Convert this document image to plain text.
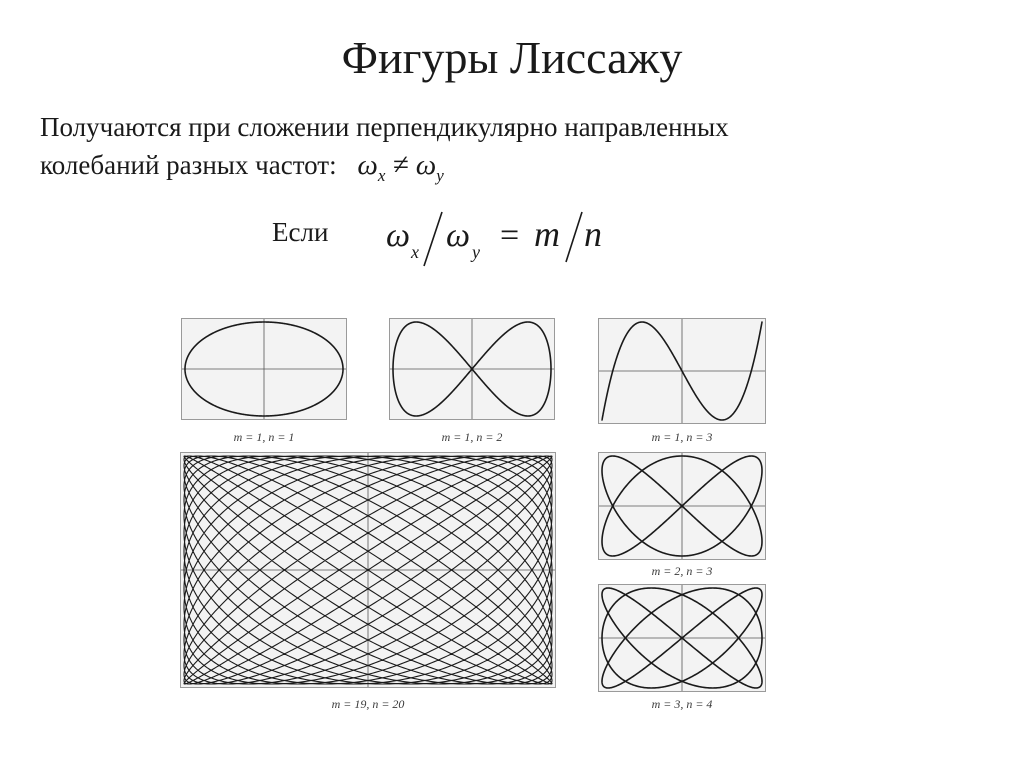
Фигуры Лиссажу
Получаются при сложении перпендикулярно направленных
колебаний разных частот: $\omega_x \ne \omega_y$
Если ω x ω y = m n
m = 1, n = 1	m = 1, n = 2	m = 1, n = 3
m = 19, n = 20
m = 2, n = 3
m = 3, n = 4
